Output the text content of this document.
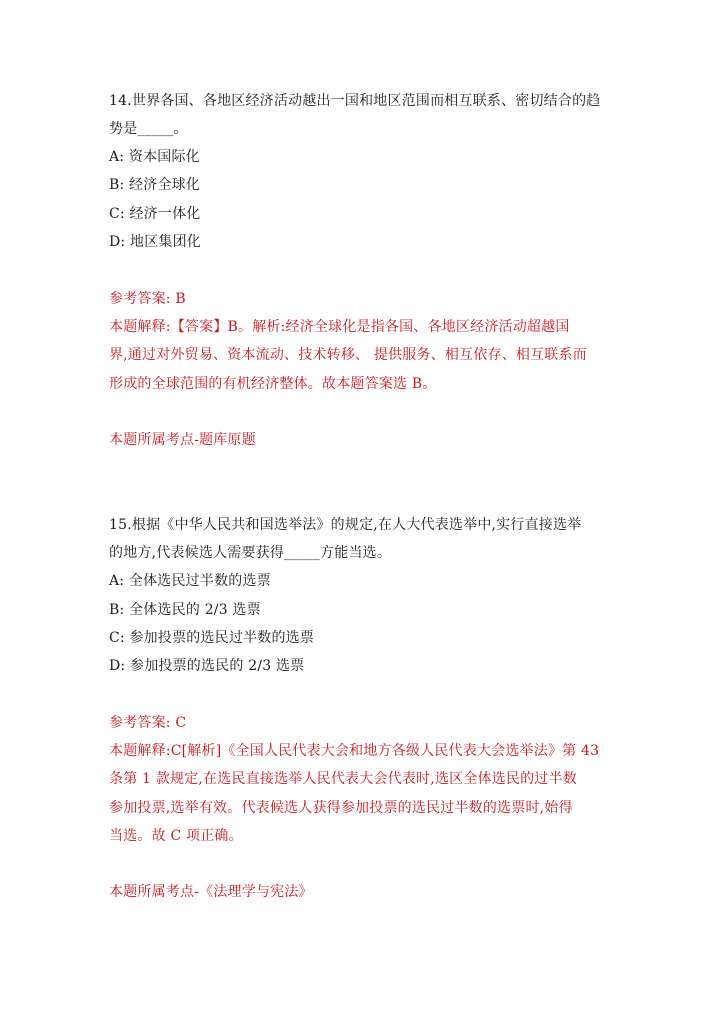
14.世界各国、各地区经济活动越出一国和地区范围而相互联系、密切结合的趋
势是_____。
A: 资本国际化
B: 经济全球化
C: 经济一体化
D: 地区集团化
参考答案: B
本题解释:【答案】B。解析:经济全球化是指各国、各地区经济活动超越国
界,通过对外贸易、资本流动、技术转移、 提供服务、相互依存、相互联系而
形成的全球范围的有机经济整体。故本题答案选 B。
本题所属考点-题库原题
15.根据《中华人民共和国选举法》的规定,在人大代表选举中,实行直接选举
的地方,代表候选人需要获得_____方能当选。
A: 全体选民过半数的选票
B: 全体选民的 2/3 选票
C: 参加投票的选民过半数的选票
D: 参加投票的选民的 2/3 选票
参考答案: C
本题解释:C[解析]《全国人民代表大会和地方各级人民代表大会选举法》第 43
条第 1 款规定,在选民直接选举人民代表大会代表时,选区全体选民的过半数
参加投票,选举有效。代表候选人获得参加投票的选民过半数的选票时,始得
当选。故 C 项正确。
本题所属考点-《法理学与宪法》
